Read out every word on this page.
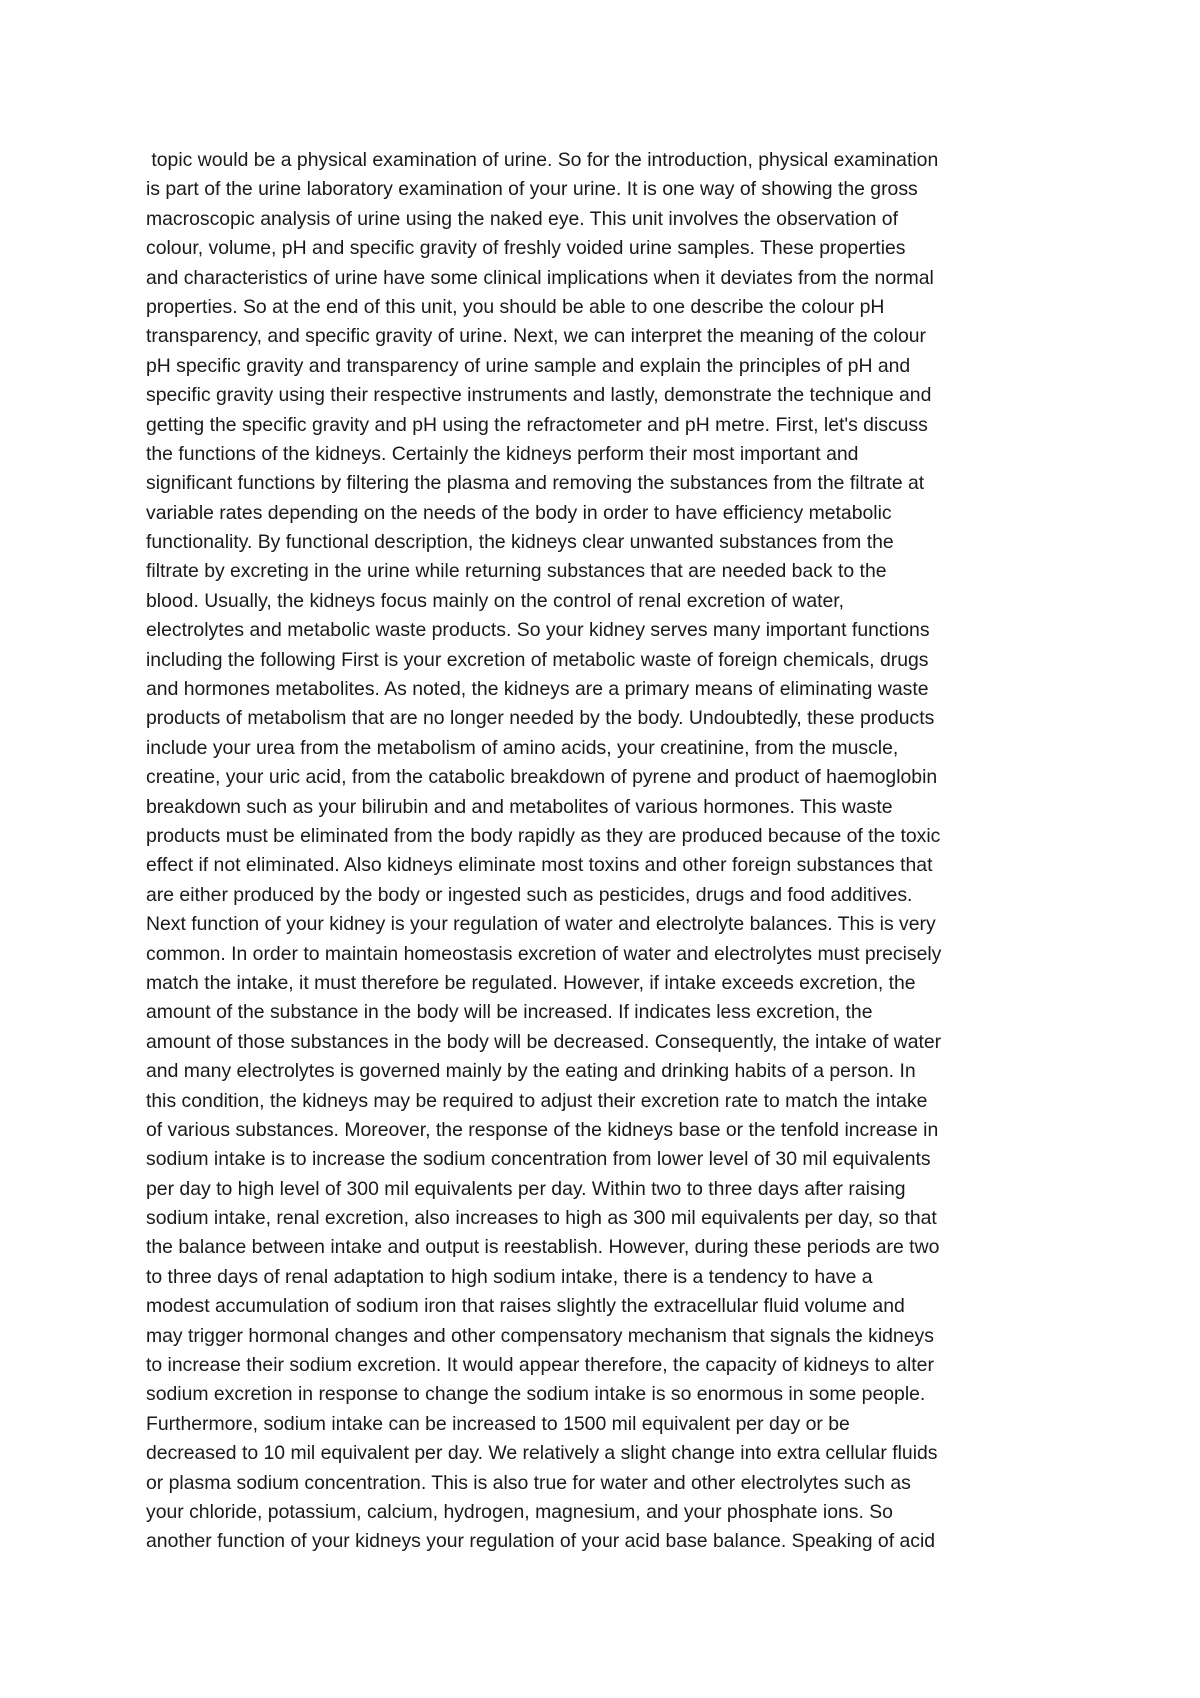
topic would be a physical examination of urine. So for the introduction, physical examination
is part of the urine laboratory examination of your urine. It is one way of showing the gross
macroscopic analysis of urine using the naked eye. This unit involves the observation of
colour, volume, pH and specific gravity of freshly voided urine samples. These properties
and characteristics of urine have some clinical implications when it deviates from the normal
properties. So at the end of this unit, you should be able to one describe the colour pH
transparency, and specific gravity of urine. Next, we can interpret the meaning of the colour
pH specific gravity and transparency of urine sample and explain the principles of pH and
specific gravity using their respective instruments and lastly, demonstrate the technique and
getting the specific gravity and pH using the refractometer and pH metre. First, let's discuss
the functions of the kidneys. Certainly the kidneys perform their most important and
significant functions by filtering the plasma and removing the substances from the filtrate at
variable rates depending on the needs of the body in order to have efficiency metabolic
functionality. By functional description, the kidneys clear unwanted substances from the
filtrate by excreting in the urine while returning substances that are needed back to the
blood. Usually, the kidneys focus mainly on the control of renal excretion of water,
electrolytes and metabolic waste products. So your kidney serves many important functions
including the following First is your excretion of metabolic waste of foreign chemicals, drugs
and hormones metabolites. As noted, the kidneys are a primary means of eliminating waste
products of metabolism that are no longer needed by the body. Undoubtedly, these products
include your urea from the metabolism of amino acids, your creatinine, from the muscle,
creatine, your uric acid, from the catabolic breakdown of pyrene and product of haemoglobin
breakdown such as your bilirubin and and metabolites of various hormones. This waste
products must be eliminated from the body rapidly as they are produced because of the toxic
effect if not eliminated. Also kidneys eliminate most toxins and other foreign substances that
are either produced by the body or ingested such as pesticides, drugs and food additives.
Next function of your kidney is your regulation of water and electrolyte balances. This is very
common. In order to maintain homeostasis excretion of water and electrolytes must precisely
match the intake, it must therefore be regulated. However, if intake exceeds excretion, the
amount of the substance in the body will be increased. If indicates less excretion, the
amount of those substances in the body will be decreased. Consequently, the intake of water
and many electrolytes is governed mainly by the eating and drinking habits of a person. In
this condition, the kidneys may be required to adjust their excretion rate to match the intake
of various substances. Moreover, the response of the kidneys base or the tenfold increase in
sodium intake is to increase the sodium concentration from lower level of 30 mil equivalents
per day to high level of 300 mil equivalents per day. Within two to three days after raising
sodium intake, renal excretion, also increases to high as 300 mil equivalents per day, so that
the balance between intake and output is reestablish. However, during these periods are two
to three days of renal adaptation to high sodium intake, there is a tendency to have a
modest accumulation of sodium iron that raises slightly the extracellular fluid volume and
may trigger hormonal changes and other compensatory mechanism that signals the kidneys
to increase their sodium excretion. It would appear therefore, the capacity of kidneys to alter
sodium excretion in response to change the sodium intake is so enormous in some people.
Furthermore, sodium intake can be increased to 1500 mil equivalent per day or be
decreased to 10 mil equivalent per day. We relatively a slight change into extra cellular fluids
or plasma sodium concentration. This is also true for water and other electrolytes such as
your chloride, potassium, calcium, hydrogen, magnesium, and your phosphate ions. So
another function of your kidneys your regulation of your acid base balance. Speaking of acid
